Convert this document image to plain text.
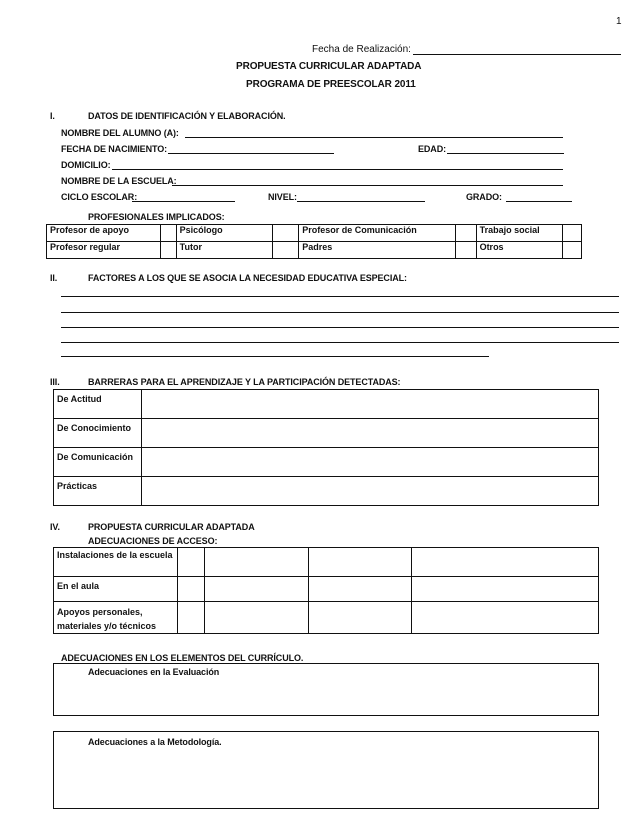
1
Fecha de Realización:
PROPUESTA CURRICULAR ADAPTADA
PROGRAMA DE PREESCOLAR 2011
I.	DATOS DE IDENTIFICACIÓN Y ELABORACIÓN.
NOMBRE DEL ALUMNO (A):
FECHA DE NACIMIENTO:	EDAD:
DOMICILIO:
NOMBRE DE LA ESCUELA:
CICLO ESCOLAR:	NIVEL:	GRADO:
PROFESIONALES IMPLICADOS:
Profesor de apoyo		Psicólogo		Profesor de Comunicación		Trabajo social	
Profesor regular		Tutor		Padres		Otros	
II.	FACTORES A LOS QUE SE ASOCIA LA NECESIDAD EDUCATIVA ESPECIAL:
III.	BARRERAS PARA EL APRENDIZAJE Y LA PARTICIPACIÓN DETECTADAS:
De Actitud	
De Conocimiento	
De Comunicación	
Prácticas	
IV.	PROPUESTA CURRICULAR ADAPTADA
ADECUACIONES DE ACCESO:
Instalaciones de la escuela				
En el aula				
Apoyos personales, materiales y/o técnicos				
ADECUACIONES EN LOS ELEMENTOS DEL CURRÍCULO.
Adecuaciones en la Evaluación
Adecuaciones a la Metodología.
